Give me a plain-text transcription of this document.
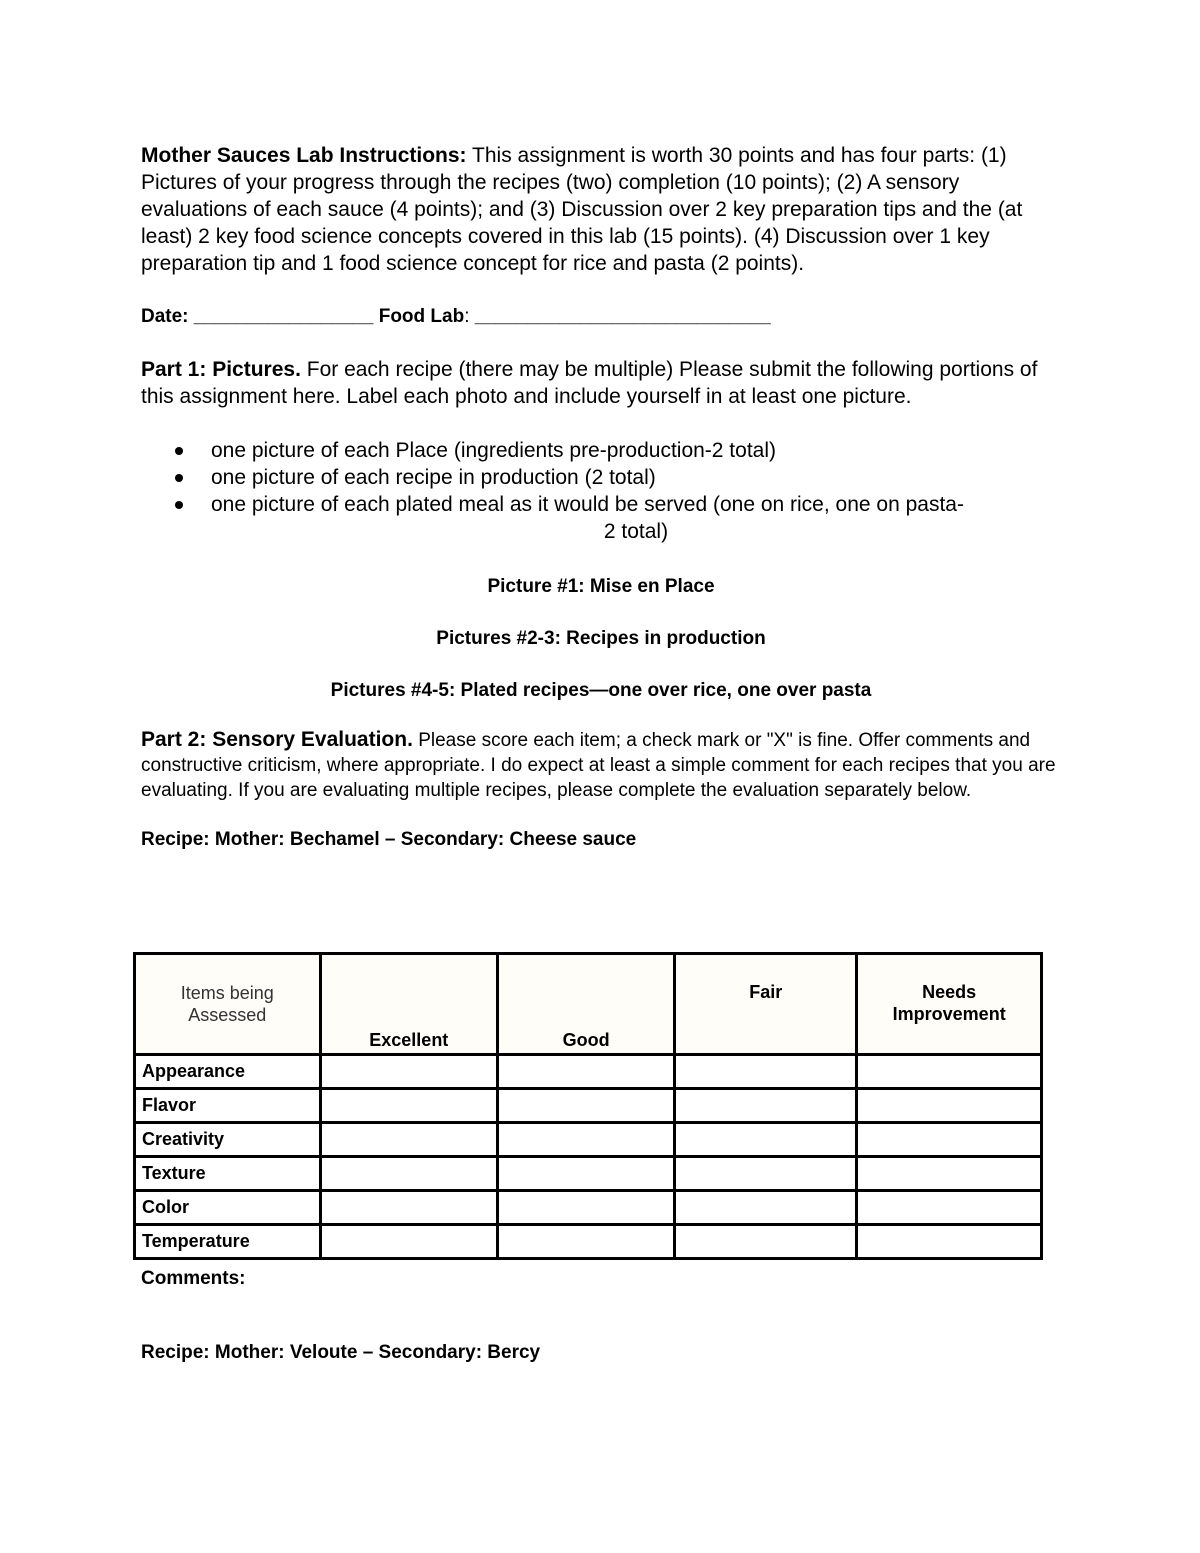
Mother Sauces Lab Instructions: This assignment is worth 30 points and has four parts: (1) Pictures of your progress through the recipes (two) completion (10 points); (2) A sensory evaluations of each sauce (4 points); and (3) Discussion over 2 key preparation tips and the (at least) 2 key food science concepts covered in this lab (15 points). (4) Discussion over 1 key preparation tip and 1 food science concept for rice and pasta (2 points).

Date: _________________ Food Lab: ____________________________

Part 1: Pictures. For each recipe (there may be multiple) Please submit the following portions of this assignment here. Label each photo and include yourself in at least one picture.

one picture of each Place (ingredients pre-production-2 total)
one picture of each recipe in production (2 total)
one picture of each plated meal as it would be served (one on rice, one on pasta-
2 total)

Picture #1: Mise en Place

Pictures #2-3: Recipes in production

Pictures #4-5: Plated recipes—one over rice, one over pasta

Part 2: Sensory Evaluation. Please score each item; a check mark or "X" is fine. Offer comments and constructive criticism, where appropriate. I do expect at least a simple comment for each recipes that you are evaluating. If you are evaluating multiple recipes, please complete the evaluation separately below.

Recipe: Mother: Bechamel – Secondary: Cheese sauce

Items being Assessed	Excellent	Good	Fair	Needs Improvement
Appearance				
Flavor				
Creativity				
Texture				
Color				
Temperature				

Comments:

Recipe: Mother: Veloute – Secondary: Bercy
